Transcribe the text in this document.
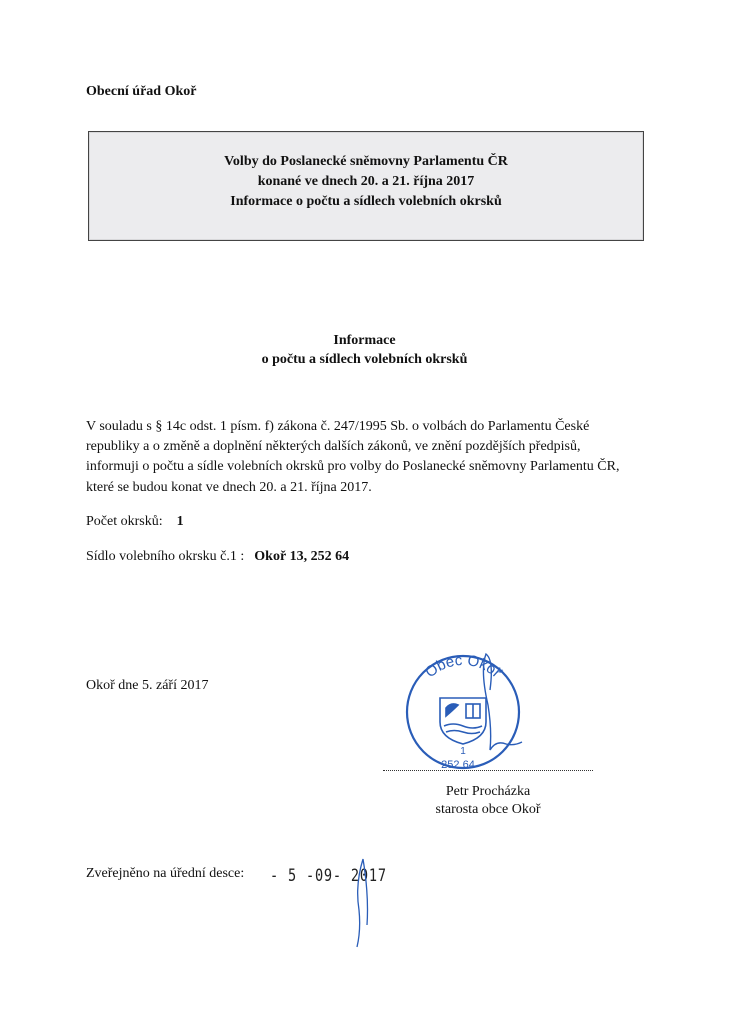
Obecní úřad Okoř
Volby do Poslanecké sněmovny Parlamentu ČR
konané ve dnech 20. a 21. října 2017
Informace o počtu a sídlech volebních okrsků
Informace
o počtu a sídlech volebních okrsků
V souladu s § 14c odst. 1 písm. f) zákona č. 247/1995 Sb. o volbách do Parlamentu České
republiky a o změně a doplnění některých dalších zákonů, ve znění pozdějších předpisů,
informuji o počtu a sídle volebních okrsků pro volby do Poslanecké sněmovny Parlamentu ČR,
které se budou konat ve dnech 20. a 21. října 2017.
Počet okrsků: 1
Sídlo volebního okrsku č.1 : Okoř 13, 252 64
Okoř dne 5. září 2017
Obec Okoř
1
252 64
Petr Procházka
starosta obce Okoř
Zveřejněno na úřední desce: - 5 -09- 2017
